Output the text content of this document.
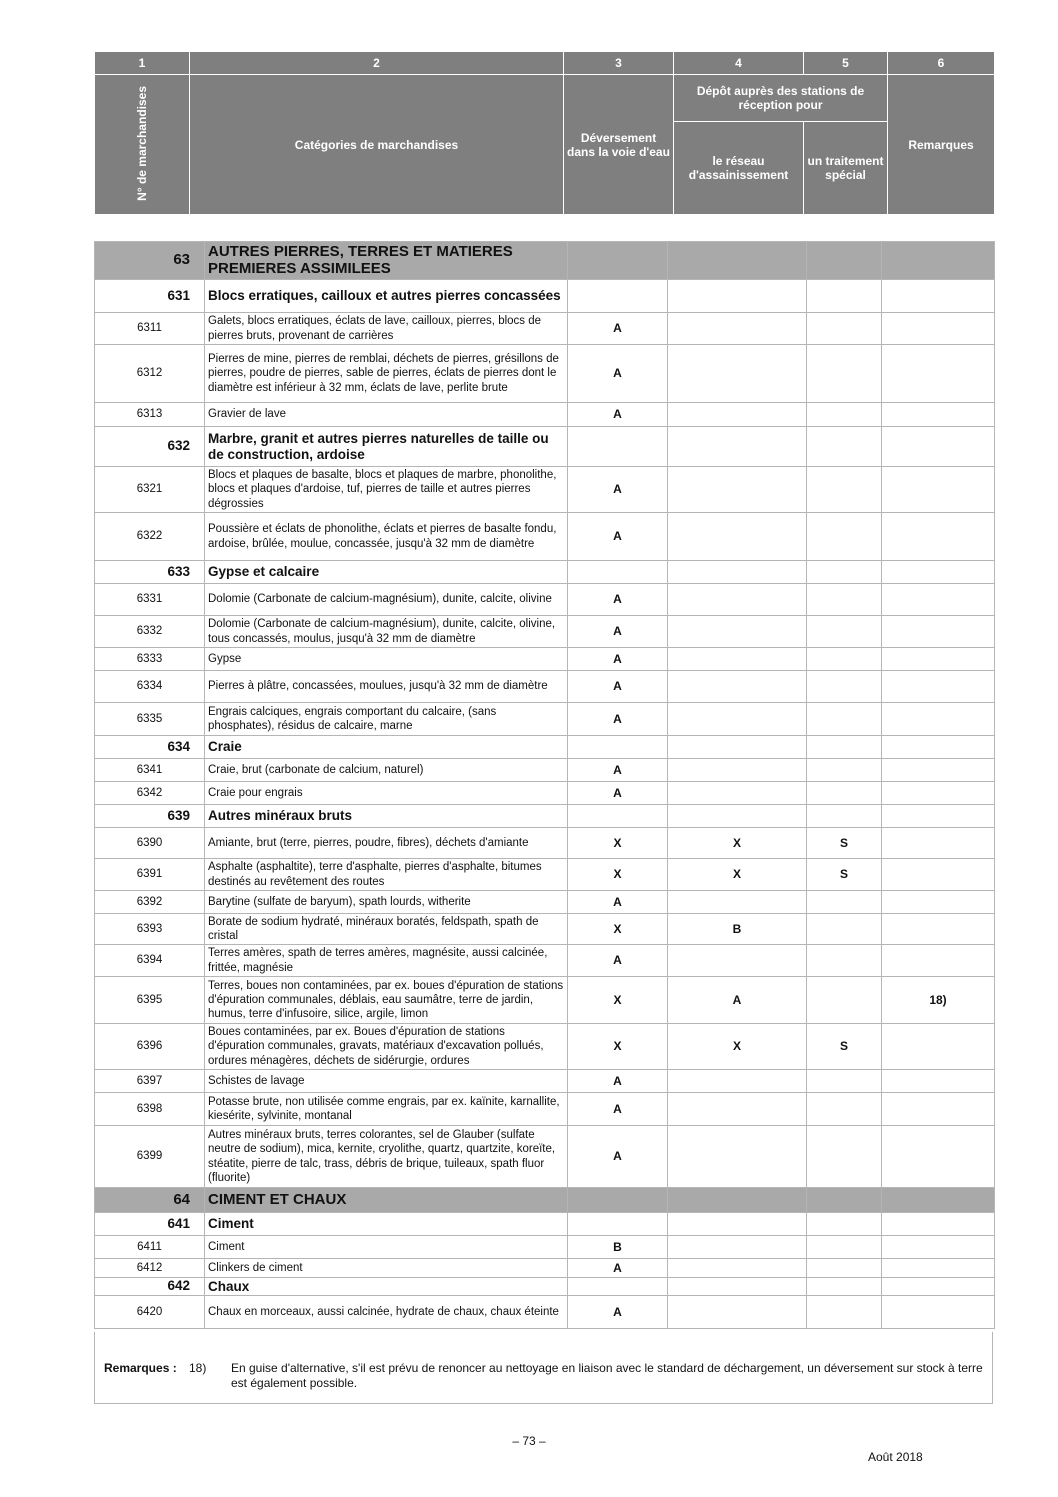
1	2	3	4	5	6
N° de marchandises	Catégories de marchandises	Déversement dans la voie d'eau	Dépôt auprès des stations de réception pour		Remarques
			le réseau d'assainissement	un traitement spécial	
63	AUTRES PIERRES, TERRES ET MATIERES PREMIERES ASSIMILEES				
631	Blocs erratiques, cailloux et autres pierres concassées				
6311	Galets, blocs erratiques, éclats de lave, cailloux, pierres, blocs de pierres bruts, provenant de carrières	A			
6312	Pierres de mine, pierres de remblai, déchets de pierres, grésillons de pierres, poudre de pierres, sable de pierres, éclats de pierres dont le diamètre est inférieur à 32 mm, éclats de lave, perlite brute	A			
6313	Gravier de lave	A			
632	Marbre, granit et autres pierres naturelles de taille ou de construction, ardoise				
6321	Blocs et plaques de basalte, blocs et plaques de marbre, phonolithe, blocs et plaques d'ardoise, tuf, pierres de taille et autres pierres dégrossies	A			
6322	Poussière et éclats de phonolithe, éclats et pierres de basalte fondu, ardoise, brûlée, moulue, concassée, jusqu'à 32 mm de diamètre	A			
633	Gypse et calcaire				
6331	Dolomie (Carbonate de calcium-magnésium), dunite, calcite, olivine	A			
6332	Dolomie (Carbonate de calcium-magnésium), dunite, calcite, olivine, tous concassés, moulus, jusqu'à 32 mm de diamètre	A			
6333	Gypse	A			
6334	Pierres à plâtre, concassées, moulues, jusqu'à 32 mm de diamètre	A			
6335	Engrais calciques, engrais comportant du calcaire, (sans phosphates), résidus de calcaire, marne	A			
634	Craie				
6341	Craie, brut (carbonate de calcium, naturel)	A			
6342	Craie pour engrais	A			
639	Autres minéraux bruts				
6390	Amiante, brut (terre, pierres, poudre, fibres), déchets d'amiante	X	X	S	
6391	Asphalte (asphaltite), terre d'asphalte, pierres d'asphalte, bitumes destinés au revêtement des routes	X	X	S	
6392	Barytine (sulfate de baryum), spath lourds, witherite	A			
6393	Borate de sodium hydraté, minéraux boratés, feldspath, spath de cristal	X	B		
6394	Terres amères, spath de terres amères, magnésite, aussi calcinée, frittée, magnésie	A			
6395	Terres, boues non contaminées, par ex. boues d'épuration de stations d'épuration communales, déblais, eau saumâtre, terre de jardin, humus, terre d'infusoire, silice, argile, limon	X	A		18)
6396	Boues contaminées, par ex. Boues d'épuration de stations d'épuration communales, gravats, matériaux d'excavation pollués, ordures ménagères, déchets de sidérurgie, ordures	X	X	S	
6397	Schistes de lavage	A			
6398	Potasse brute, non utilisée comme engrais, par ex. kaïnite, karnallite, kiesérite, sylvinite, montanal	A			
6399	Autres minéraux bruts, terres colorantes, sel de Glauber (sulfate neutre de sodium), mica, kernite, cryolithe, quartz, quartzite, koreïte, stéatite, pierre de talc, trass, débris de brique, tuileaux, spath fluor (fluorite)	A			
64	CIMENT ET CHAUX				
641	Ciment				
6411	Ciment	B			
6412	Clinkers de ciment	A			
642	Chaux				
6420	Chaux en morceaux, aussi calcinée, hydrate de chaux, chaux éteinte	A			
Remarques : 18) En guise d'alternative, s'il est prévu de renoncer au nettoyage en liaison avec le standard de déchargement, un déversement sur stock à terre est également possible.
– 73 –
Août 2018
